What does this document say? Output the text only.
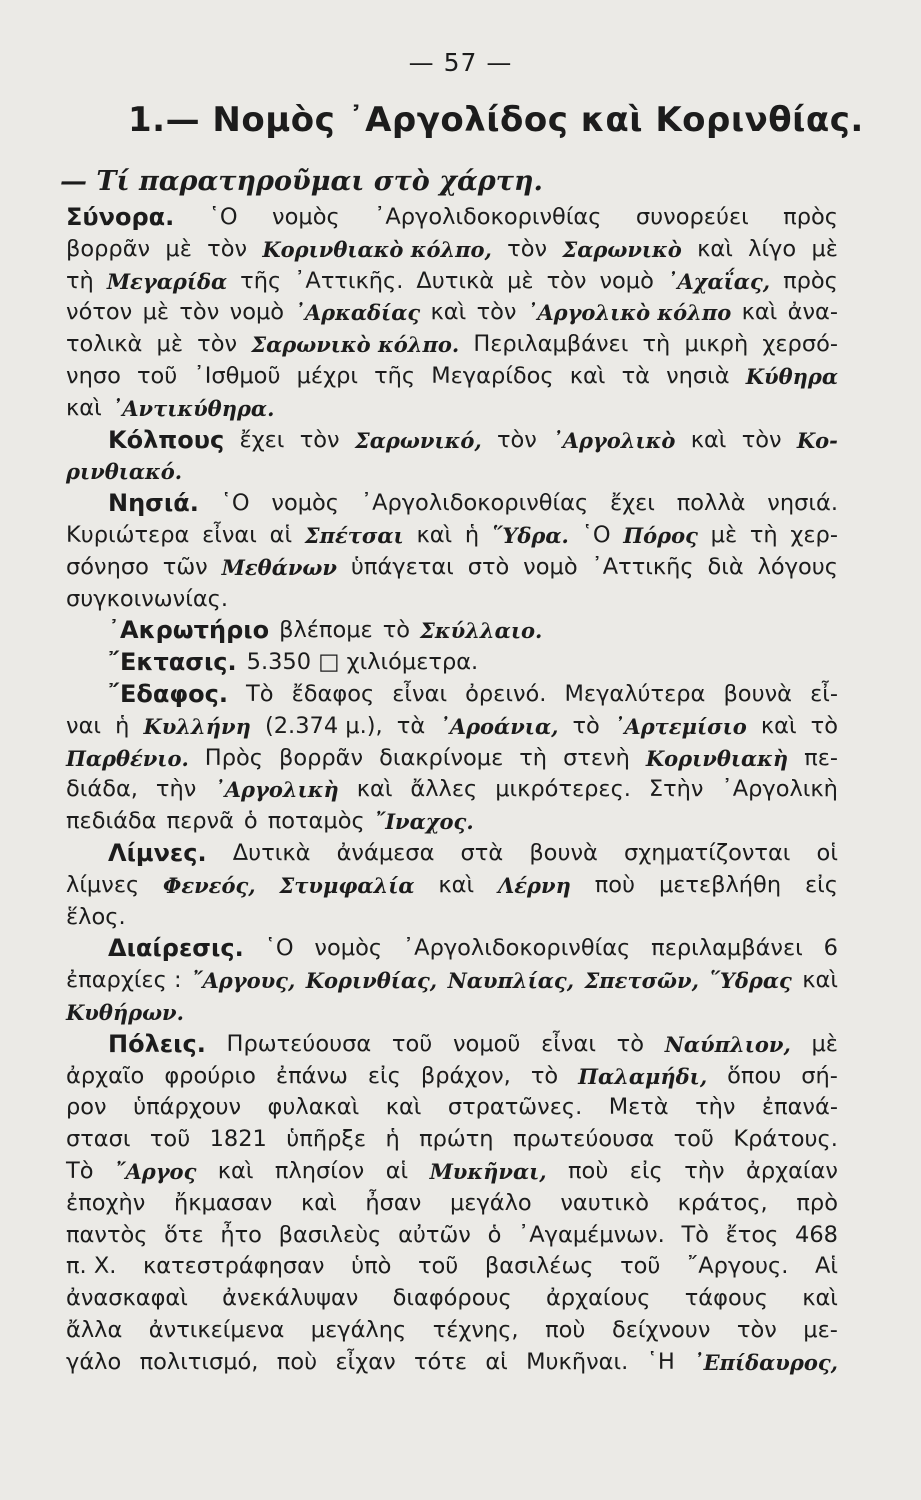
— 57 —
1.— Νομὸς ᾿Αργολίδος καὶ Κορινθίας.
— Τί παρατηροῦμαι στὸ χάρτη.
Σύνορα. ῾Ο νομὸς ᾿Αργολιδοκορινθίας συνορεύει πρὸς
βορρᾶν μὲ τὸν Κορινθιακὸ κόλπο, τὸν Σαρωνικὸ καὶ λίγο μὲ
τὴ Μεγαρίδα τῆς ᾿Αττικῆς. Δυτικὰ μὲ τὸν νομὸ ᾿Αχαΐας, πρὸς
νότον μὲ τὸν νομὸ ᾿Αρκαδίας καὶ τὸν ᾿Αργολικὸ κόλπο καὶ ἀνα-
τολικὰ μὲ τὸν Σαρωνικὸ κόλπο. Περιλαμβάνει τὴ μικρὴ χερσό-
νησο τοῦ ᾿Ισθμοῦ μέχρι τῆς Μεγαρίδος καὶ τὰ νησιὰ Κύθηρα
καὶ ᾿Αντικύθηρα.
Κόλπους ἔχει τὸν Σαρωνικό, τὸν ᾿Αργολικὸ καὶ τὸν Κο-
ρινθιακό.
Νησιά. ῾Ο νομὸς ᾿Αργολιδοκορινθίας ἔχει πολλὰ νησιά.
Κυριώτερα εἶναι αἱ Σπέτσαι καὶ ἡ ῞Υδρα. ῾Ο Πόρος μὲ τὴ χερ-
σόνησο τῶν Μεθάνων ὑπάγεται στὸ νομὸ ᾿Αττικῆς διὰ λόγους
συγκοινωνίας.
᾿Ακρωτήριο βλέπομε τὸ Σκύλλαιο.
῎Εκτασις. 5.350 □ χιλιόμετρα.
῎Εδαφος. Τὸ ἔδαφος εἶναι ὀρεινό. Μεγαλύτερα βουνὰ εἶ-
ναι ἡ Κυλλήνη (2.374 μ.), τὰ ᾿Αροάνια, τὸ ᾿Αρτεμίσιο καὶ τὸ
Παρθένιο. Πρὸς βορρᾶν διακρίνομε τὴ στενὴ Κορινθιακὴ πε-
διάδα, τὴν ᾿Αργολικὴ καὶ ἄλλες μικρότερες. Στὴν ᾿Αργολικὴ
πεδιάδα περνᾶ ὁ ποταμὸς ῎Ιναχος.
Λίμνες. Δυτικὰ ἀνάμεσα στὰ βουνὰ σχηματίζονται οἱ
λίμνες Φενεός, Στυμφαλία καὶ Λέρνη ποὺ μετεβλήθη εἰς
ἕλος.
Διαίρεσις. ῾Ο νομὸς ᾿Αργολιδοκορινθίας περιλαμβάνει 6
ἐπαρχίες : ῎Αργους, Κορινθίας, Ναυπλίας, Σπετσῶν, ῞Υδρας καὶ
Κυθήρων.
Πόλεις. Πρωτεύουσα τοῦ νομοῦ εἶναι τὸ Ναύπλιον, μὲ
ἀρχαῖο φρούριο ἐπάνω εἰς βράχον, τὸ Παλαμήδι, ὅπου σή-
ρον ὑπάρχουν φυλακαὶ καὶ στρατῶνες. Μετὰ τὴν ἐπανά-
στασι τοῦ 1821 ὑπῆρξε ἡ πρώτη πρωτεύουσα τοῦ Κράτους.
Τὸ ῎Αργος καὶ πλησίον αἱ Μυκῆναι, ποὺ εἰς τὴν ἀρχαίαν
ἐποχὴν ἤκμασαν καὶ ἦσαν μεγάλο ναυτικὸ κράτος, πρὸ
παντὸς ὅτε ἦτο βασιλεὺς αὐτῶν ὁ ᾿Αγαμέμνων. Τὸ ἔτος 468
π. Χ. κατεστράφησαν ὑπὸ τοῦ βασιλέως τοῦ ῎Αργους. Αἱ
ἀνασκαφαὶ ἀνεκάλυψαν διαφόρους ἀρχαίους τάφους καὶ
ἄλλα ἀντικείμενα μεγάλης τέχνης, ποὺ δείχνουν τὸν με-
γάλο πολιτισμό, ποὺ εἶχαν τότε αἱ Μυκῆναι. ῾Η ᾿Επίδαυρος,
